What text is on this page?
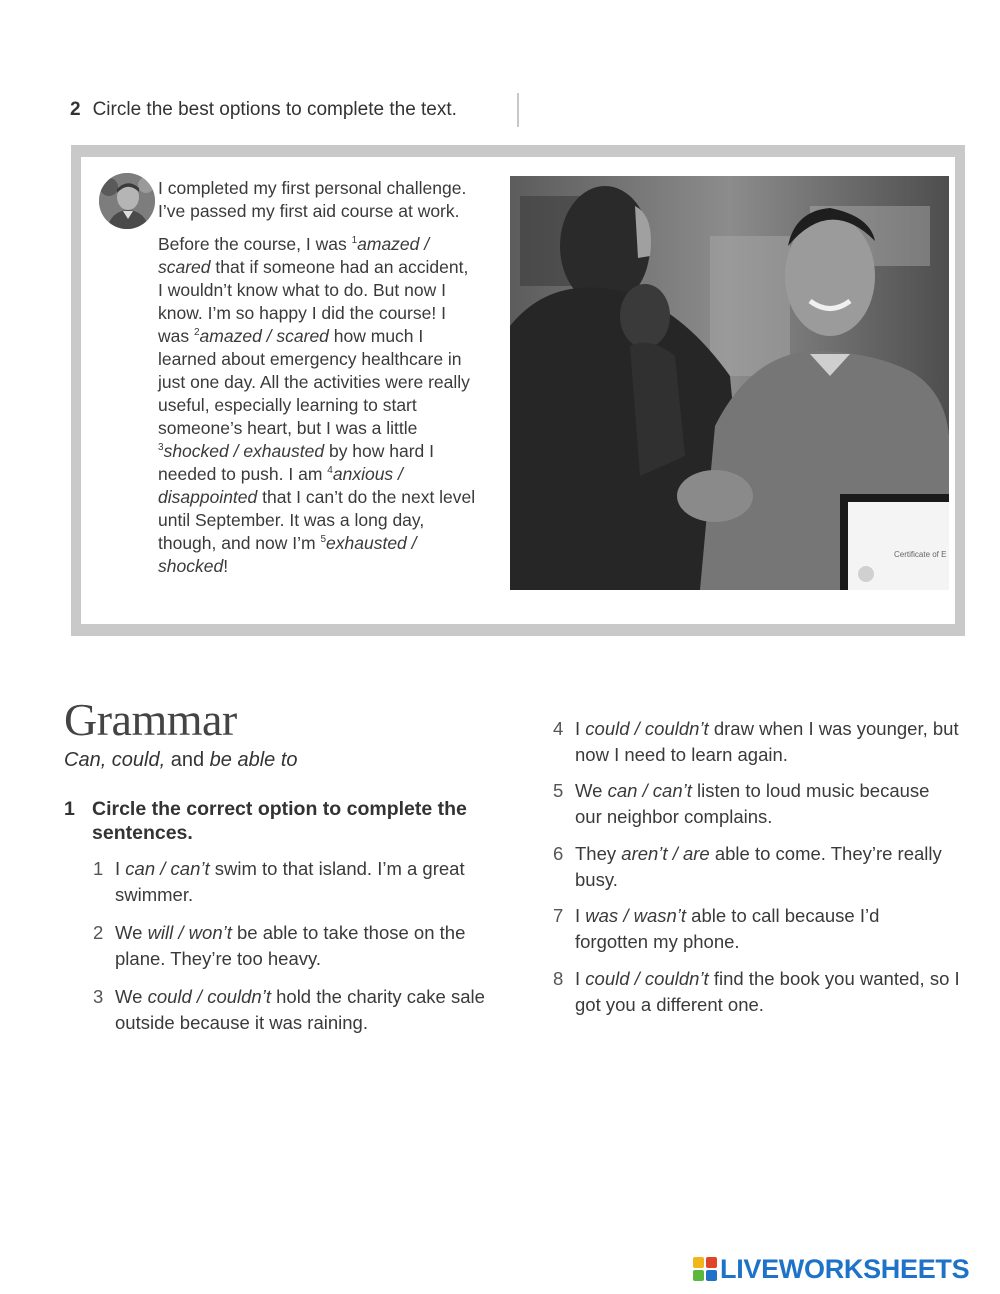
2 Circle the best options to complete the text.

I completed my first personal challenge. I’ve passed my first aid course at work.

Before the course, I was $^1$amazed / scared that if someone had an accident, I wouldn’t know what to do. But now I know. I’m so happy I did the course! I was $^2$amazed / scared how much I learned about emergency healthcare in just one day. All the activities were really useful, especially learning to start someone’s heart, but I was a little $^3$shocked / exhausted by how hard I needed to push. I am $^4$anxious / disappointed that I can’t do the next level until September. It was a long day, though, and now I’m $^5$exhausted / shocked!

Certificate of E
Grammar
Can, could, and be able to
1 Circle the correct option to complete the sentences.
1 I can / can’t swim to that island. I’m a great swimmer.
2 We will / won’t be able to take those on the plane. They’re too heavy.
3 We could / couldn’t hold the charity cake sale outside because it was raining.
4 I could / couldn’t draw when I was younger, but now I need to learn again.
5 We can / can’t listen to loud music because our neighbor complains.
6 They aren’t / are able to come. They’re really busy.
7 I was / wasn’t able to call because I’d forgotten my phone.
8 I could / couldn’t find the book you wanted, so I got you a different one.
LIVEWORKSHEETS
